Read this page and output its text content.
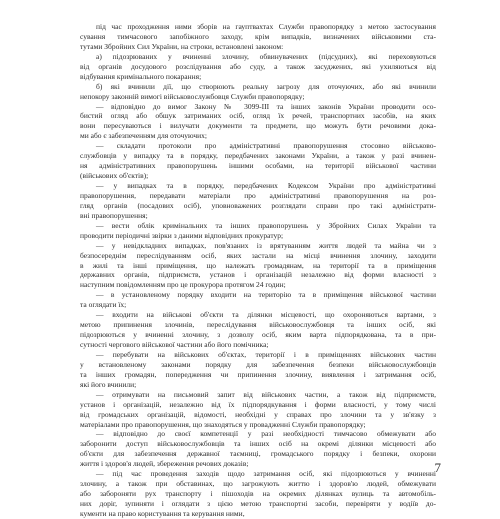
під час проходження ними зборів на гауптвахтах Служби правопорядку з метою застосування
сування тимчасового запобіжного заходу, крім випадків, визначених військовими ста-
тутами Збройних Сил України, на строки, встановлені законом:
а) підозрюваних у вчиненні злочину, обвинувачених (підсудних), які переховуються
від органів досудового розслідування або суду, а також засуджених, які ухиляються від
відбування кримінального покарання;
б) які вчинили дії, що створюють реальну загрозу для оточуючих, або які вчинили
непокору законній вимогі військовослужбовця Служби правопорядку;
— відповідно до вимог Закону № 3099-III та інших законів України проводити осо-
бистий огляд або обшук затриманих осіб, огляд їх речей, транспортних засобів, на яких
вони пересуваються і вилучати документи та предмети, що можуть бути речовими дока-
ми або є забезпеченням для оточуючих;
— складати протоколи про адміністративні правопорушення стосовно військово-
службовців у випадку та в порядку, передбачених законами України, а також у разі вчинен-
ня адміністративних правопорушень іншими особами, на території військової частини
(військових об'єктів);
— у випадках та в порядку, передбачених Кодексом України про адміністративні
правопорушення, передавати матеріали про адміністративні правопорушення на роз-
гляд органів (посадових осіб), уповноважених розглядати справи про такі адміністрати-
вні правопорушення;
— вести облік кримінальних та інших правопорушень у Збройних Силах України та
проводити періодичні звірки з даними відповідних прокуратур;
— у невідкладних випадках, пов'язаних із врятуванням життя людей та майна чи з
безпосереднім переслідуванням осіб, яких застали на місці вчинення злочину, заходити
в жилі та інші приміщення, що належать громадянам, на території та в приміщення
державних органів, підприємств, установ і організацій незалежно від форми власності з
наступним повідомленням про це прокурора протягом 24 годин;
— в установленому порядку входити на територію та в приміщення військової частини
та оглядати їх;
— входити на військові об'єкти та ділянки місцевості, що охороняються вартами, з
метою припинення злочинів, переслідування військовослужбовця та інших осіб, які
підозрюються у вчиненні злочину, з дозволу осіб, яким варта підпорядкована, та в при-
сутності чергового військової частини або його помічника;
— перебувати на військових об'єктах, території і в приміщеннях військових частин
у встановленому законами порядку для забезпечення безпеки військовослужбовців
та інших громадян, попередження чи припинення злочину, виявлення і затримання осіб,
які його вчинили;
— отримувати на письмовий запит від військових частин, а також від підприємств,
установ і організацій, незалежно від їх підпорядкування і форми власності, у тому числі
від громадських організацій, відомості, необхідні у справах про злочини та у зв'язку з
матеріалами про правопорушення, що знаходяться у провадженні Служби правопорядку;
— відповідно до своєї компетенції у разі необхідності тимчасово обмежувати або
заборонити доступ військовослужбовців та інших осіб на окремі ділянки місцевості або
об'єкти для забезпечення державної таємниці, громадського порядку і безпеки, охорони
життя і здоров'я людей, збереження речових доказів;
— під час проведення заходів щодо затримання осіб, які підозрюються у вчиненні
злочину, а також при обставинах, що загрожують життю і здоров'ю людей, обмежувати
або забороняти рух транспорту і пішоходів на окремих ділянках вулиць та автомобіль-
них доріг, зупиняти і оглядати з цією метою транспортні засоби, перевіряти у водіїв до-
кументи на право користування та керування ними,
7
